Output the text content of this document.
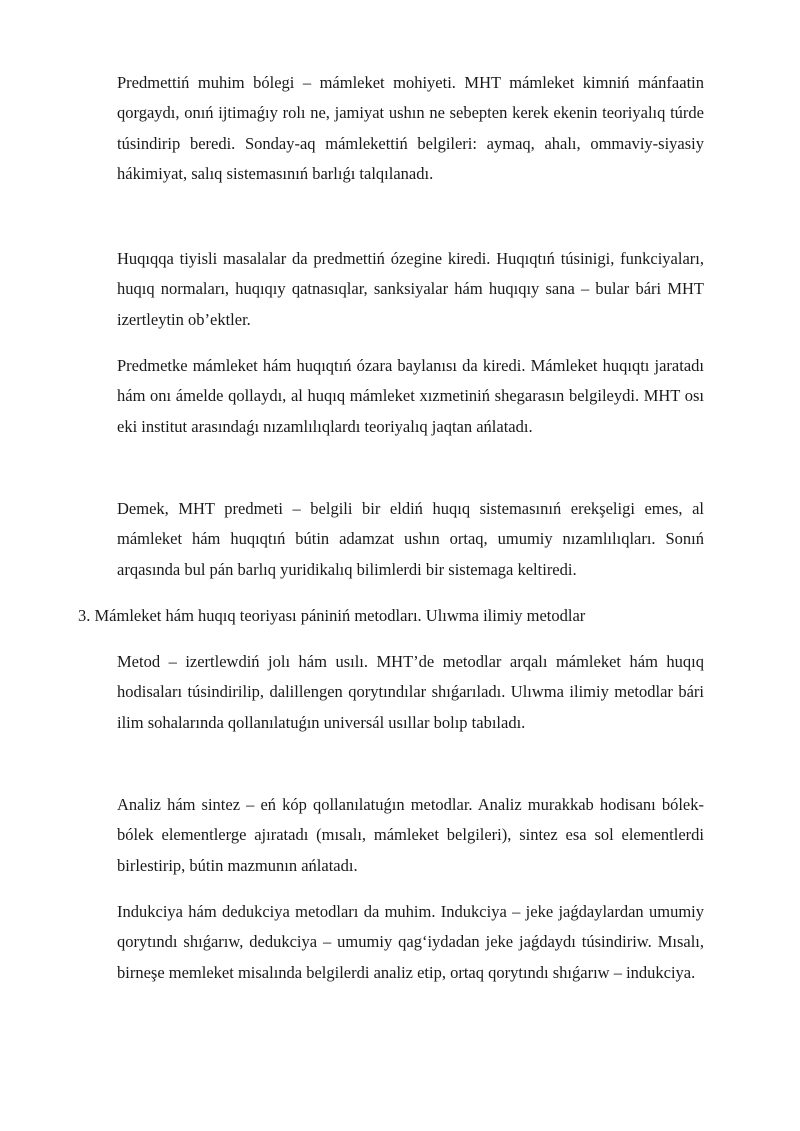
Predmettiń muhim bólegi – mámleket mohiyeti. MHT mámleket kimniń mánfaatin qorgaydı, onıń ijtimaǵıy rolı ne, jamiyat ushın ne sebepten kerek ekenin teoriyalıq túrde túsindirip beredi. Sonday-aq mámlekettiń belgileri: aymaq, ahalı, ommaviy-siyasiy hákimiyat, salıq sistemasınıń barlıǵı talqılanadı.

Huqıqqa tiyisli masalalar da predmettiń ózegine kiredi. Huqıqtıń túsinigi, funkciyaları, huqıq normaları, huqıqıy qatnasıqlar, sanksiyalar hám huqıqıy sana – bular bári MHT izertleytin ob’ektler.

Predmetke mámleket hám huqıqtıń ózara baylanısı da kiredi. Mámleket huqıqtı jaratadı hám onı ámelde qollaydı, al huqıq mámleket xızmetiniń shegarasın belgileydi. MHT osı eki institut arasındaǵı nızamlılıqlardı teoriyalıq jaqtan ańlatadı.

Demek, MHT predmeti – belgili bir eldiń huqıq sistemasınıń erekşeligi emes, al mámleket hám huqıqtıń bútin adamzat ushın ortaq, umumiy nızamlılıqları. Sonıń arqasında bul pán barlıq yuridikalıq bilimlerdi bir sistemaga keltiredi.

3. Mámleket hám huqıq teoriyası pániniń metodları. Ulıwma ilimiy metodlar

Metod – izertlewdiń jolı hám usılı. MHT’de metodlar arqalı mámleket hám huqıq hodisaları túsindirilip, dalillengen qorytındılar shıǵarıladı. Ulıwma ilimiy metodlar bári ilim sohalarında qollanılatuǵın universál usıllar bolıp tabıladı.

Analiz hám sintez – eń kóp qollanılatuǵın metodlar. Analiz murakkab hodisanı bólek-bólek elementlerge ajıratadı (mısalı, mámleket belgileri), sintez esa sol elementlerdi birlestirip, bútin mazmunın ańlatadı.

Indukciya hám dedukciya metodları da muhim. Indukciya – jeke jaǵdaylardan umumiy qorytındı shıǵarıw, dedukciya – umumiy qag‘iydadan jeke jaǵdaydı túsindiriw. Mısalı, birneşe memleket misalında belgilerdi analiz etip, ortaq qorytındı shıǵarıw – indukciya.
